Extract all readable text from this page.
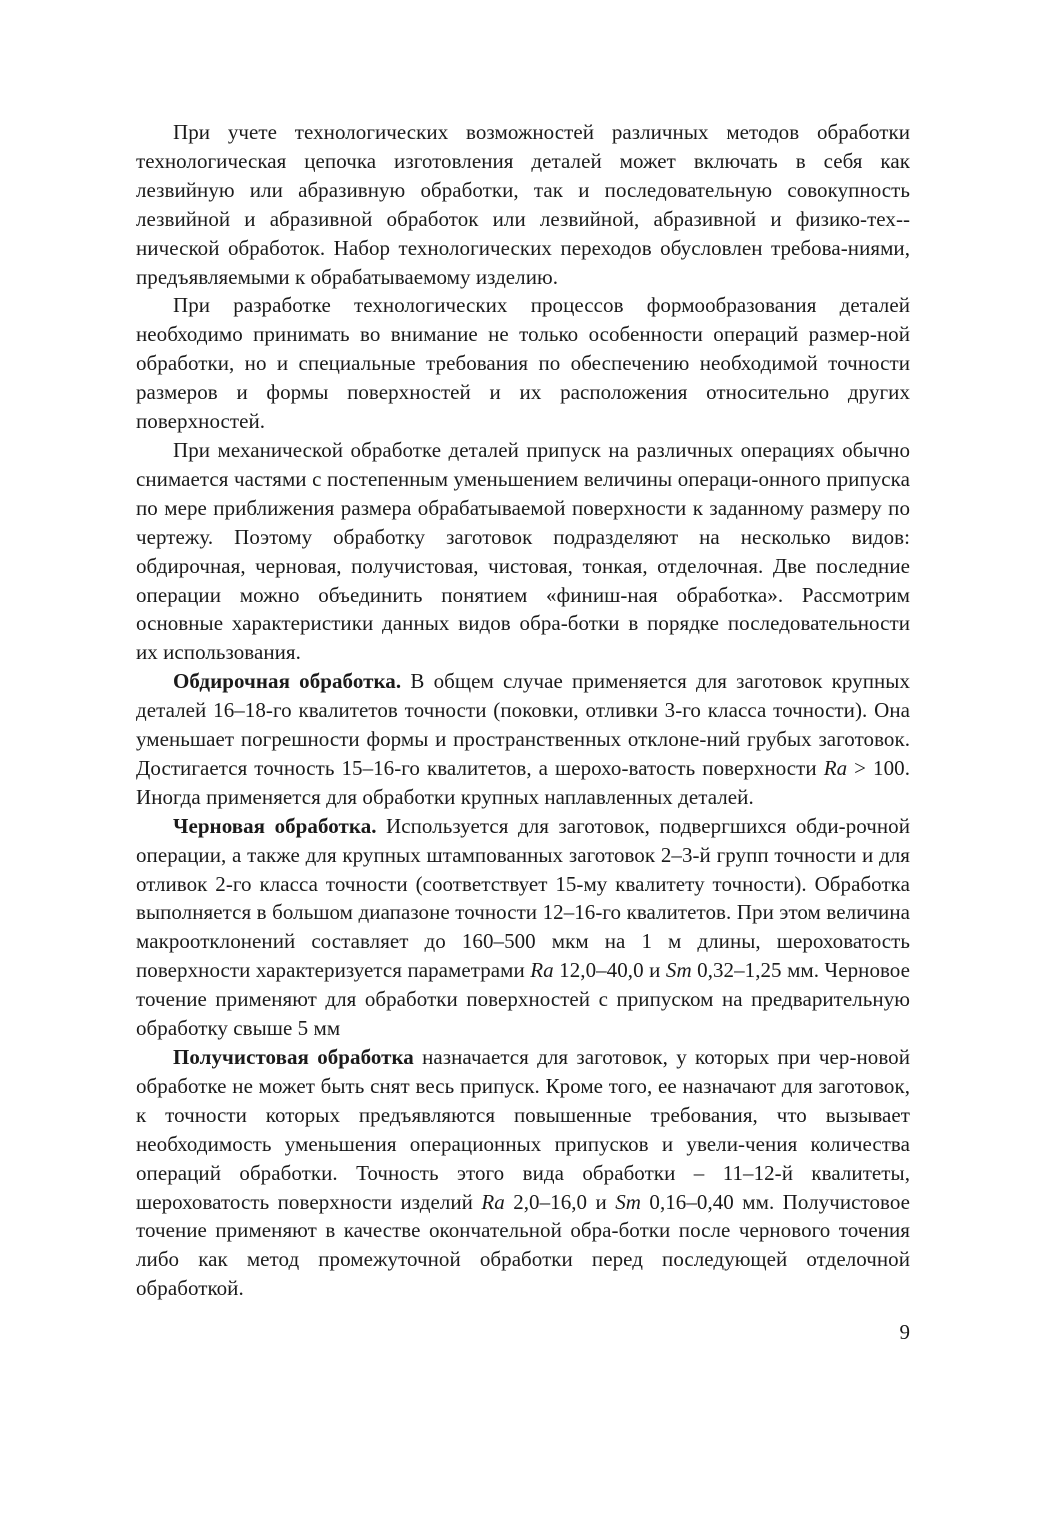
При учете технологических возможностей различных методов обработки технологическая цепочка изготовления деталей может включать в себя как лезвийную или абразивную обработки, так и последовательную совокупность лезвийной и абразивной обработок или лезвийной, абразивной и физико-тех-нической обработок. Набор технологических переходов обусловлен требова-ниями, предъявляемыми к обрабатываемому изделию.

При разработке технологических процессов формообразования деталей необходимо принимать во внимание не только особенности операций размер-ной обработки, но и специальные требования по обеспечению необходимой точности размеров и формы поверхностей и их расположения относительно других поверхностей.

При механической обработке деталей припуск на различных операциях обычно снимается частями с постепенным уменьшением величины операци-онного припуска по мере приближения размера обрабатываемой поверхности к заданному размеру по чертежу. Поэтому обработку заготовок подразделяют на несколько видов: обдирочная, черновая, получистовая, чистовая, тонкая, отделочная. Две последние операции можно объединить понятием «финиш-ная обработка». Рассмотрим основные характеристики данных видов обра-ботки в порядке последовательности их использования.

Обдирочная обработка. В общем случае применяется для заготовок крупных деталей 16–18-го квалитетов точности (поковки, отливки 3-го класса точности). Она уменьшает погрешности формы и пространственных отклоне-ний грубых заготовок. Достигается точность 15–16-го квалитетов, а шерохо-ватость поверхности Ra > 100. Иногда применяется для обработки крупных наплавленных деталей.

Черновая обработка. Используется для заготовок, подвергшихся обди-рочной операции, а также для крупных штампованных заготовок 2–3-й групп точности и для отливок 2-го класса точности (соответствует 15-му квалитету точности). Обработка выполняется в большом диапазоне точности 12–16-го квалитетов. При этом величина макроотклонений составляет до 160–500 мкм на 1 м длины, шероховатость поверхности характеризуется параметрами Ra 12,0–40,0 и Sm 0,32–1,25 мм. Черновое точение применяют для обработки поверхностей с припуском на предварительную обработку свыше 5 мм

Получистовая обработка назначается для заготовок, у которых при чер-новой обработке не может быть снят весь припуск. Кроме того, ее назначают для заготовок, к точности которых предъявляются повышенные требования, что вызывает необходимость уменьшения операционных припусков и увели-чения количества операций обработки. Точность этого вида обработки – 11–12-й квалитеты, шероховатость поверхности изделий Ra 2,0–16,0 и Sm 0,16–0,40 мм. Получистовое точение применяют в качестве окончательной обра-ботки после чернового точения либо как метод промежуточной обработки перед последующей отделочной обработкой.

9
